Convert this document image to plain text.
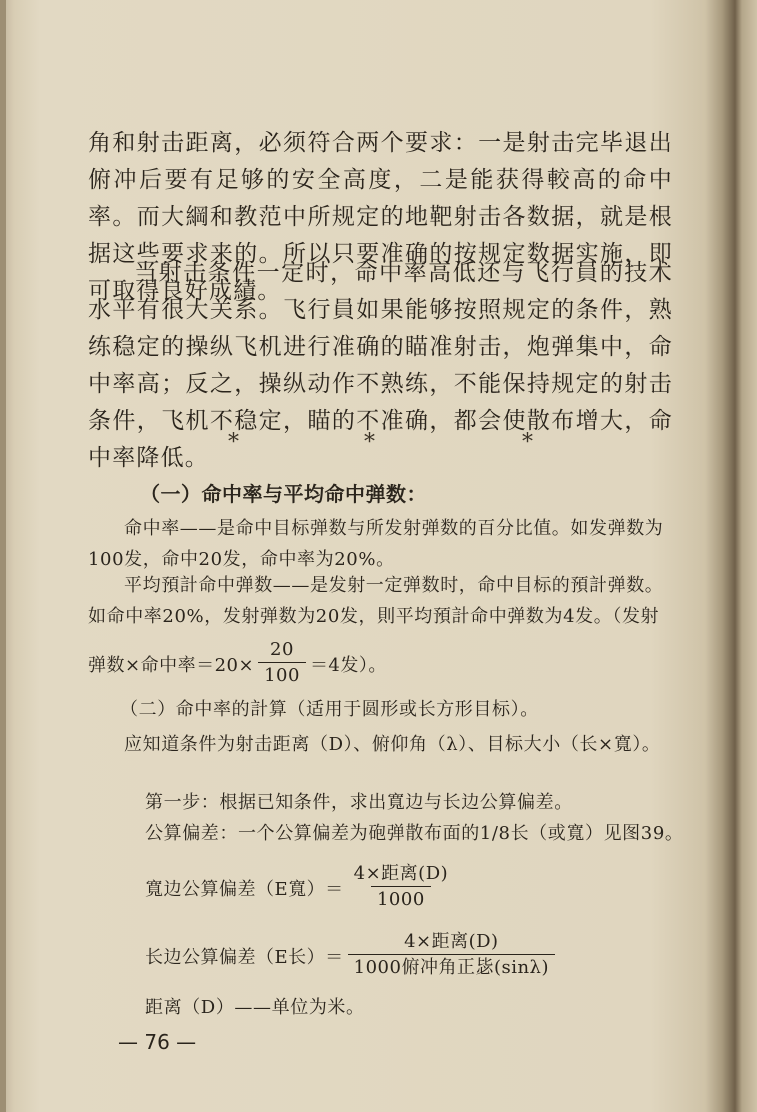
角和射击距离，必须符合两个要求：一是射击完毕退出俯冲后要有足够的安全高度，二是能获得較高的命中率。而大綱和教范中所规定的地靶射击各数据，就是根据这些要求来的。所以只要准确的按规定数据实施，即可取得良好成績。

当射击条件一定时，命中率高低还与飞行員的技术水平有很大关系。飞行員如果能够按照规定的条件，熟练稳定的操纵飞机进行准确的瞄准射击，炮弹集中，命中率高；反之，操纵动作不熟练，不能保持规定的射击条件，飞机不稳定，瞄的不准确，都会使散布增大，命中率降低。

*	*	*

（一）命中率与平均命中弹数：

命中率——是命中目标弹数与所发射弹数的百分比值。如发弹数为100发，命中20发，命中率为20%。

平均預計命中弹数——是发射一定弹数时，命中目标的預計弹数。如命中率20%，发射弹数为20发，則平均預計命中弹数为4发。（发射

弹数×命中率$=20\times \frac{20}{100} =4$发）。

（二）命中率的計算（适用于圆形或长方形目标）。

应知道条件为射击距离（D）、俯仰角（λ）、目标大小（长×寬）。

第一步：根据已知条件，求出寬边与长边公算偏差。

公算偏差：一个公算偏差为砲弹散布面的1/8长（或寬）见图39。

寬边公算偏差（E寬）＝ $\frac{\text{4×距离(D)}}{1000}$
长边公算偏差（E长）＝ $\frac{\text{4×距离(D)}}{\text{1000俯冲角正毖(sinλ)}}$

距离（D）——单位为米。

— 76 —
